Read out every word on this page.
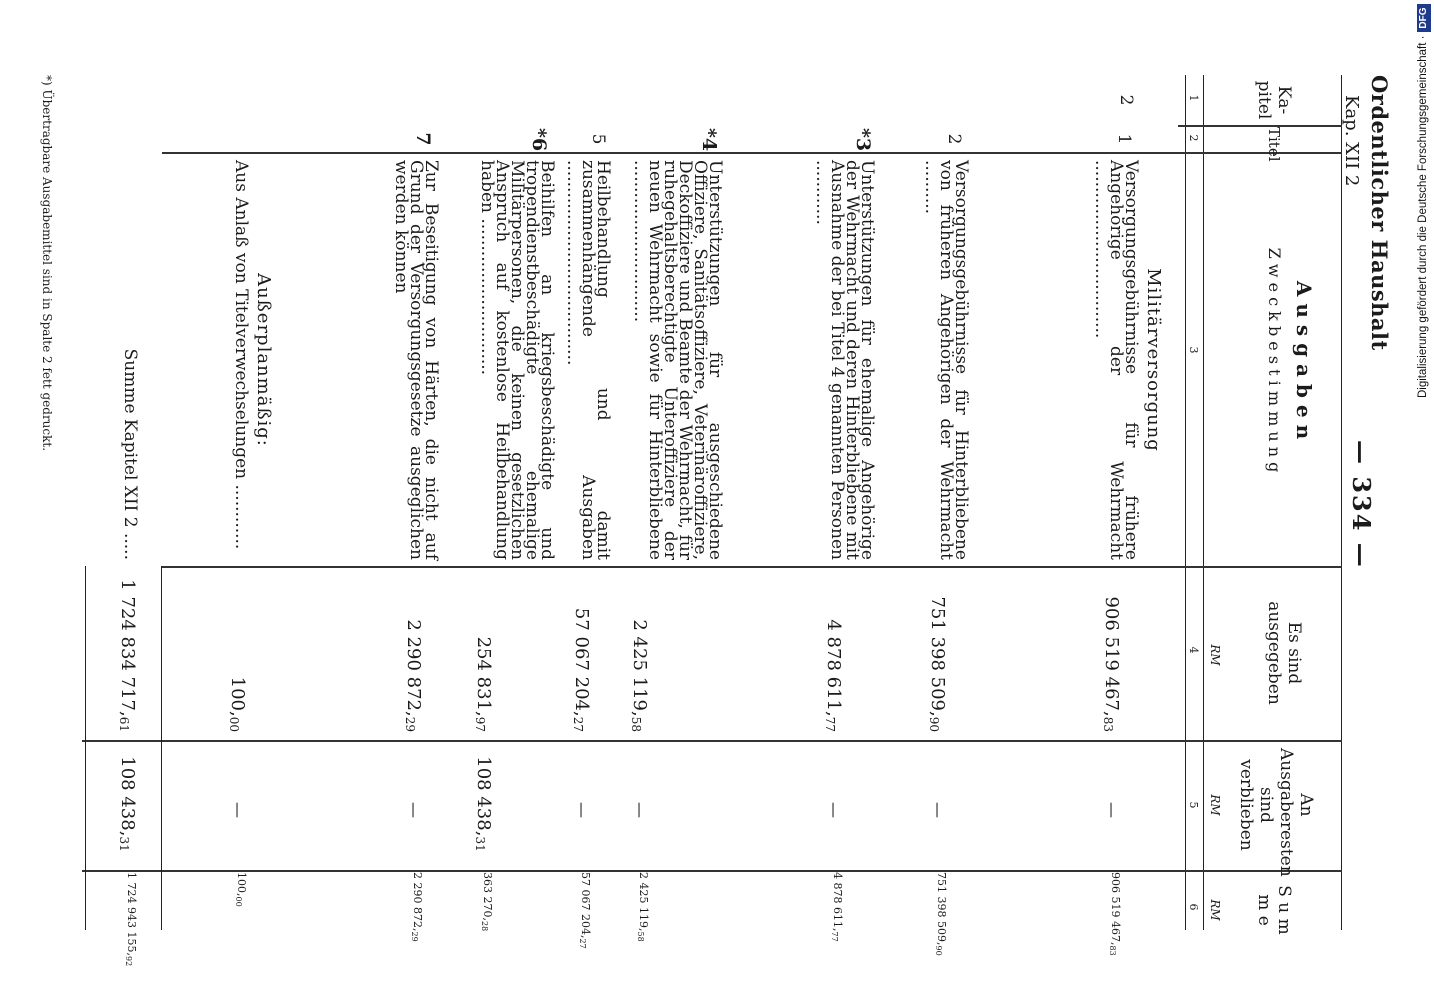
Ordentlicher Haushalt
Kap. XII 2
— 334 —
Ka-pitel
Titel
A u s g a b e n
Z w e c k b e s t i m m u n g
Es sind ausgegeben
An Ausgaberesten sind verblieben
S u m m e
RM
RM
RM
1
2
3
4
5
6
2
Militärversorgung
1
Versorgungsgebührnisse für frühere Angehörige der Wehrmacht .................................
906 519 $467,_{83}$
—
2
Versorgungsgebührnisse für Hinterbliebene von früheren Angehörigen der Wehrmacht ..........
751 398 $509,_{90}$
—
*3
Unterstützungen für ehemalige Angehörige der Wehrmacht und deren Hinterbliebene mit Ausnahme der bei Titel 4 genannten Personen ............
4 878 $611,_{77}$
—
*4
Unterstützungen für ausgeschiedene Offiziere, Sanitätsoffiziere, Veterinäroffiziere, Deckoffiziere und Beamte der Wehrmacht, für ruhegehaltsberechtigte Unteroffiziere der neuen Wehrmacht sowie für Hinterbliebene ..............................
2 425 $119,_{58}$
—
5
Heilbehandlung und damit zusammenhängende Ausgaben ......................................
57 067 $204,_{27}$
—
*6
Beihilfen an kriegsbeschädigte und tropendienstbeschädigte ehemalige Militärpersonen, die keinen gesetzlichen Anspruch auf kostenlose Heilbehandlung haben .............................
254 $831,_{97}$
108 $438,_{31}$
7
Zur Beseitigung von Härten, die nicht auf Grund der Versorgungsgesetze ausgeglichen werden können
2 290 $872,_{29}$
—
Außerplanmäßig:
Aus Anlaß von Titelverwechselungen ............
$100,_{00}$
—
Summe Kapitel XII 2 .....
1 724 834 $717,_{61}$
108 $438,_{31}$
*) Übertragbare Ausgabemittel sind in Spalte 2 fett gedruckt.
906 519 $467,_{83}$
751 398 $509,_{90}$
4 878 $611,_{77}$
2 425 $119,_{58}$
57 067 $204,_{27}$
363 $270,_{28}$
2 290 $872,_{29}$
$100,_{00}$
1 724 943 $155,_{92}$
Digitalisierung gefördert durch die Deutsche Forschungsgemeinschaft ·DFG
